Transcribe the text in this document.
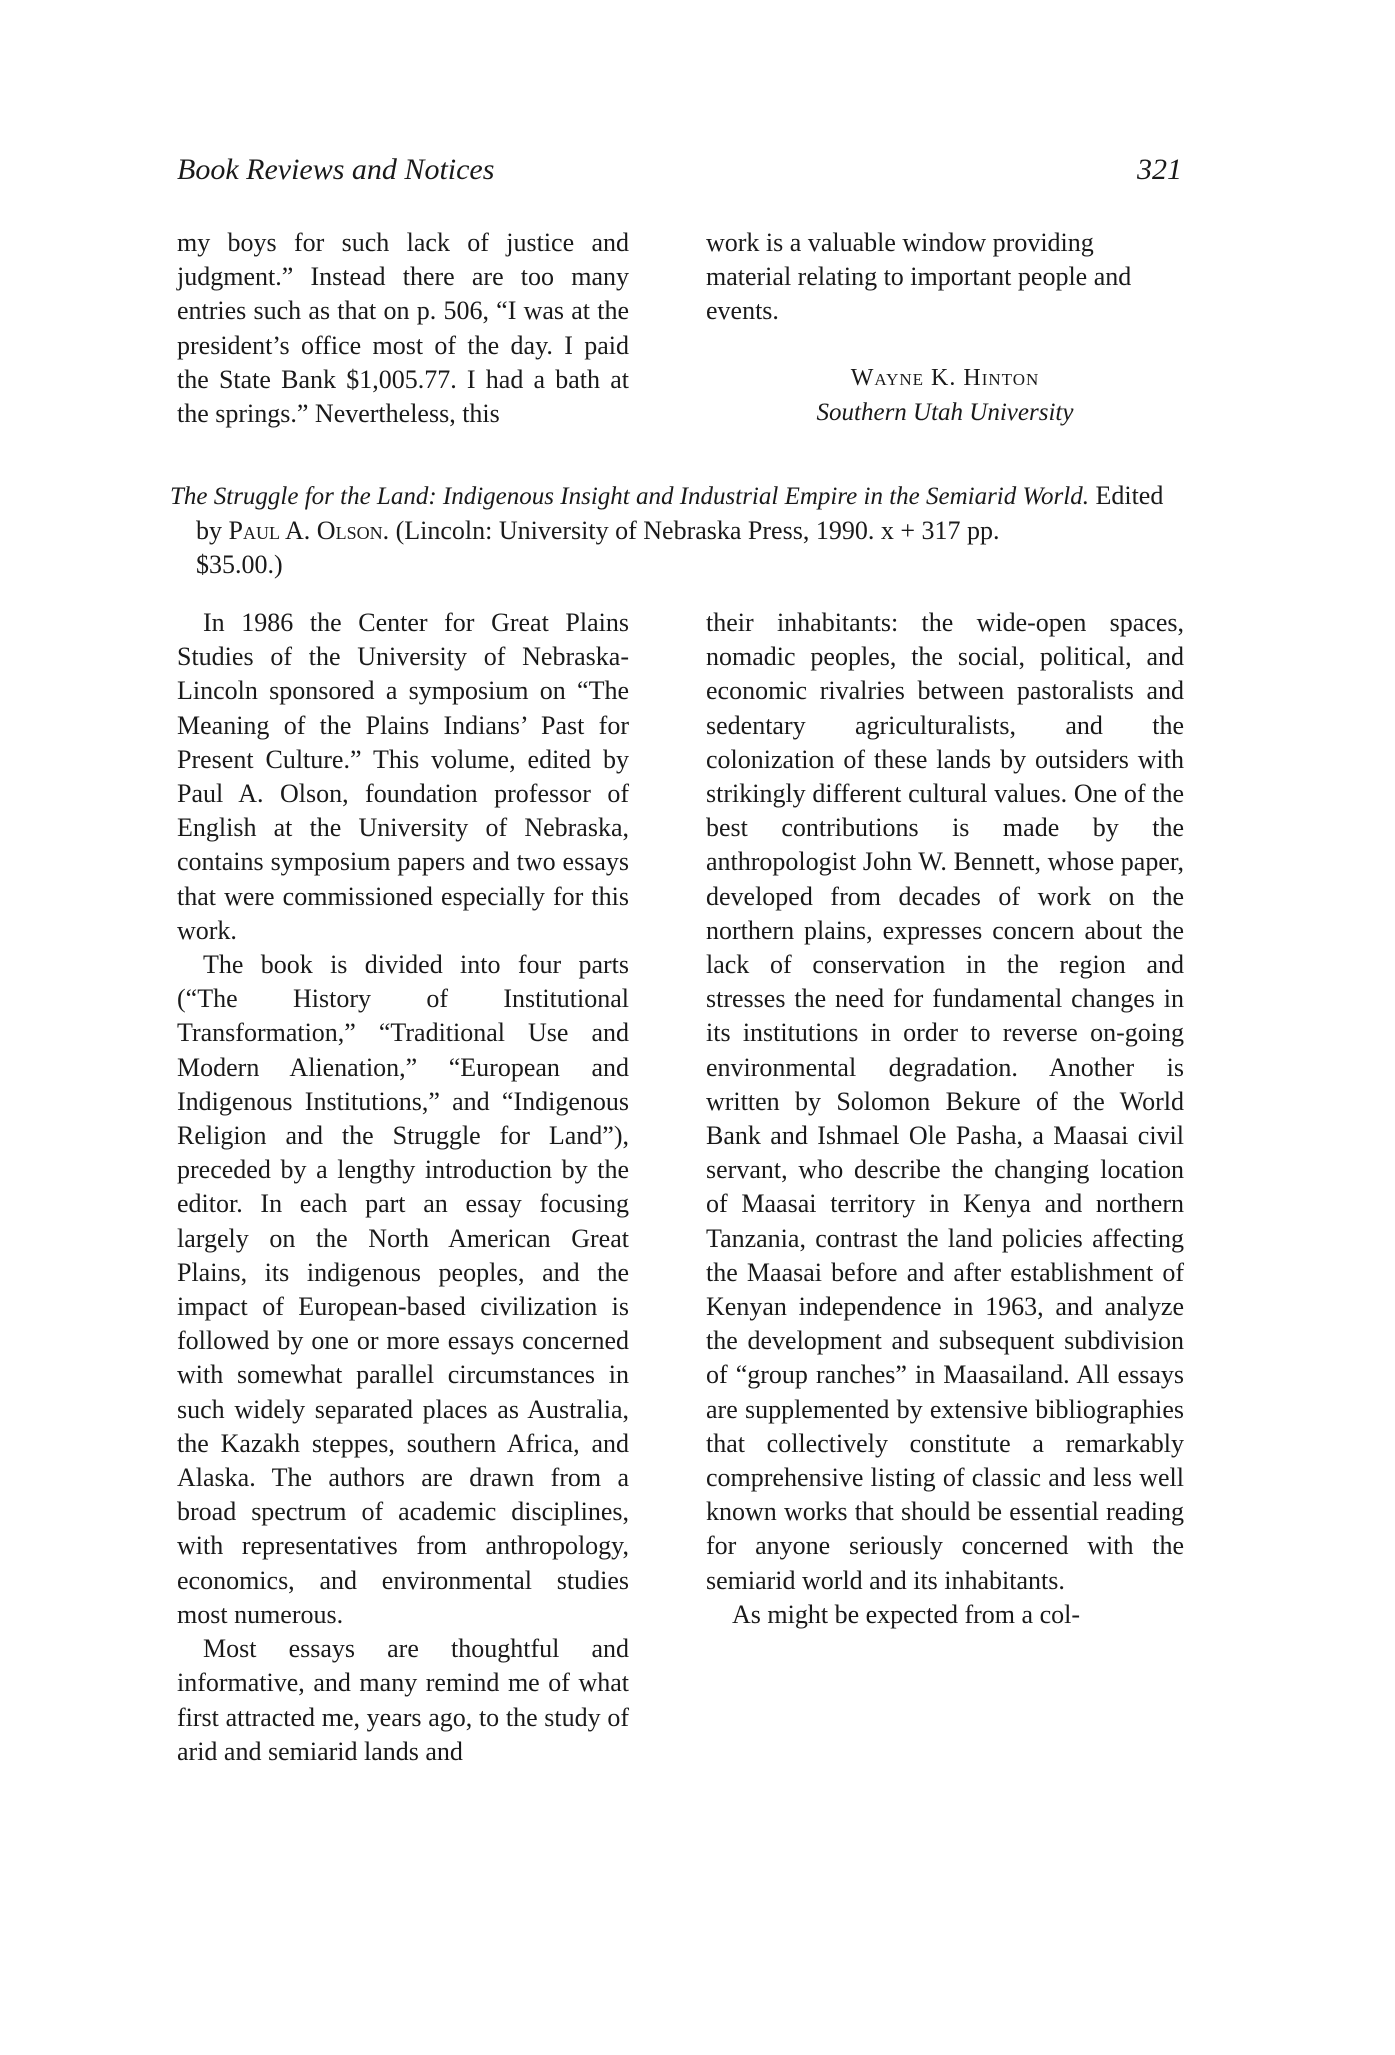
Book Reviews and Notices	321

my boys for such lack of justice and judgment.” Instead there are too many entries such as that on p. 506, “I was at the president’s office most of the day. I paid the State Bank $1,005.77. I had a bath at the springs.” Nevertheless, this

work is a valuable window providing material relating to important people and events.

Wayne K. Hinton
Southern Utah University
The Struggle for the Land: Indigenous Insight and Industrial Empire in the Semiarid World. Edited
by Paul A. Olson. (Lincoln: University of Nebraska Press, 1990. x + 317 pp.
$35.00.)

In 1986 the Center for Great Plains Studies of the University of Nebraska-Lincoln sponsored a symposium on “The Meaning of the Plains Indians’ Past for Present Culture.” This volume, edited by Paul A. Olson, foundation professor of English at the University of Nebraska, contains symposium papers and two essays that were commissioned especially for this work.

The book is divided into four parts (“The History of Institutional Transformation,” “Traditional Use and Modern Alienation,” “European and Indigenous Institutions,” and “Indigenous Religion and the Struggle for Land”), preceded by a lengthy introduction by the editor. In each part an essay focusing largely on the North American Great Plains, its indigenous peoples, and the impact of European-based civilization is followed by one or more essays concerned with somewhat parallel circumstances in such widely separated places as Australia, the Kazakh steppes, southern Africa, and Alaska. The authors are drawn from a broad spectrum of academic disciplines, with representatives from anthropology, economics, and environmental studies most numerous.

Most essays are thoughtful and informative, and many remind me of what first attracted me, years ago, to the study of arid and semiarid lands and

their inhabitants: the wide-open spaces, nomadic peoples, the social, political, and economic rivalries between pastoralists and sedentary agriculturalists, and the colonization of these lands by outsiders with strikingly different cultural values. One of the best contributions is made by the anthropologist John W. Bennett, whose paper, developed from decades of work on the northern plains, expresses concern about the lack of conservation in the region and stresses the need for fundamental changes in its institutions in order to reverse on-going environmental degradation. Another is written by Solomon Bekure of the World Bank and Ishmael Ole Pasha, a Maasai civil servant, who describe the changing location of Maasai territory in Kenya and northern Tanzania, contrast the land policies affecting the Maasai before and after establishment of Kenyan independence in 1963, and analyze the development and subsequent subdivision of “group ranches” in Maasailand. All essays are supplemented by extensive bibliographies that collectively constitute a remarkably comprehensive listing of classic and less well known works that should be essential reading for anyone seriously concerned with the semiarid world and its inhabitants.

As might be expected from a col-
